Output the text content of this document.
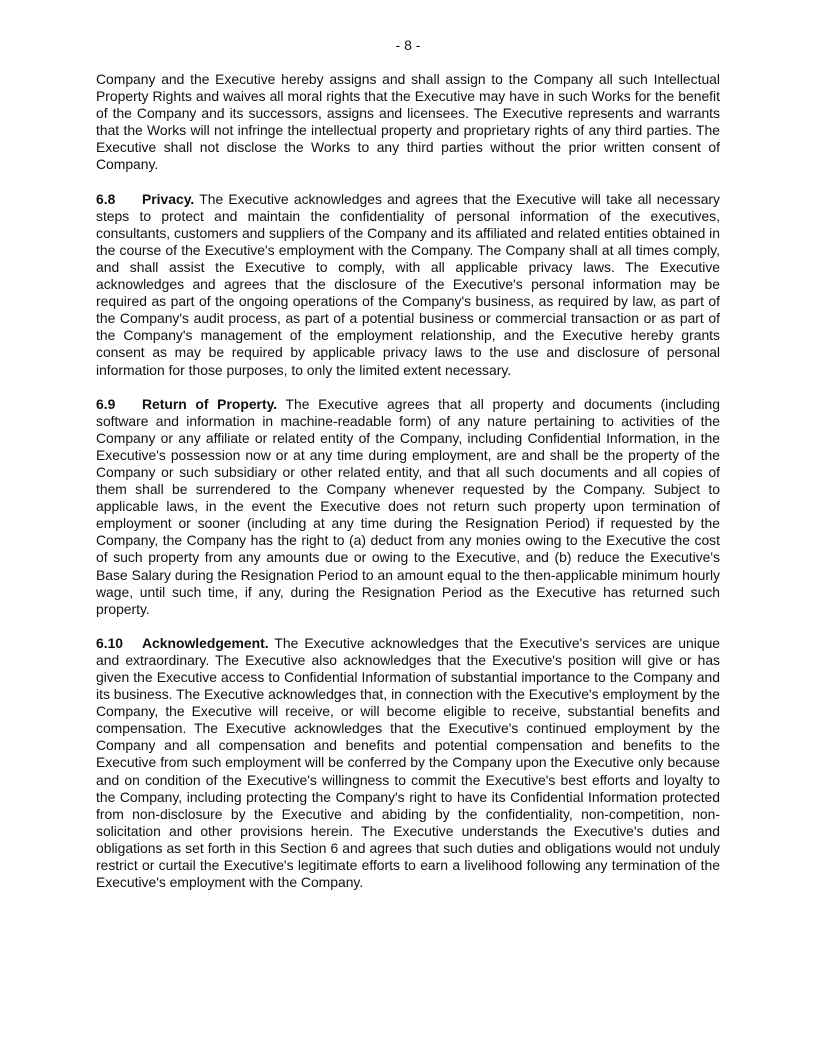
- 8 -

Company and the Executive hereby assigns and shall assign to the Company all such Intellectual Property Rights and waives all moral rights that the Executive may have in such Works for the benefit of the Company and its successors, assigns and licensees. The Executive represents and warrants that the Works will not infringe the intellectual property and proprietary rights of any third parties. The Executive shall not disclose the Works to any third parties without the prior written consent of Company.

6.8 Privacy. The Executive acknowledges and agrees that the Executive will take all necessary steps to protect and maintain the confidentiality of personal information of the executives, consultants, customers and suppliers of the Company and its affiliated and related entities obtained in the course of the Executive's employment with the Company. The Company shall at all times comply, and shall assist the Executive to comply, with all applicable privacy laws. The Executive acknowledges and agrees that the disclosure of the Executive's personal information may be required as part of the ongoing operations of the Company's business, as required by law, as part of the Company's audit process, as part of a potential business or commercial transaction or as part of the Company's management of the employment relationship, and the Executive hereby grants consent as may be required by applicable privacy laws to the use and disclosure of personal information for those purposes, to only the limited extent necessary.

6.9 Return of Property. The Executive agrees that all property and documents (including software and information in machine-readable form) of any nature pertaining to activities of the Company or any affiliate or related entity of the Company, including Confidential Information, in the Executive's possession now or at any time during employment, are and shall be the property of the Company or such subsidiary or other related entity, and that all such documents and all copies of them shall be surrendered to the Company whenever requested by the Company. Subject to applicable laws, in the event the Executive does not return such property upon termination of employment or sooner (including at any time during the Resignation Period) if requested by the Company, the Company has the right to (a) deduct from any monies owing to the Executive the cost of such property from any amounts due or owing to the Executive, and (b) reduce the Executive's Base Salary during the Resignation Period to an amount equal to the then-applicable minimum hourly wage, until such time, if any, during the Resignation Period as the Executive has returned such property.

6.10 Acknowledgement. The Executive acknowledges that the Executive's services are unique and extraordinary. The Executive also acknowledges that the Executive's position will give or has given the Executive access to Confidential Information of substantial importance to the Company and its business. The Executive acknowledges that, in connection with the Executive's employment by the Company, the Executive will receive, or will become eligible to receive, substantial benefits and compensation. The Executive acknowledges that the Executive's continued employment by the Company and all compensation and benefits and potential compensation and benefits to the Executive from such employment will be conferred by the Company upon the Executive only because and on condition of the Executive's willingness to commit the Executive's best efforts and loyalty to the Company, including protecting the Company's right to have its Confidential Information protected from non-disclosure by the Executive and abiding by the confidentiality, non-competition, non-solicitation and other provisions herein. The Executive understands the Executive's duties and obligations as set forth in this Section 6 and agrees that such duties and obligations would not unduly restrict or curtail the Executive's legitimate efforts to earn a livelihood following any termination of the Executive's employment with the Company.
